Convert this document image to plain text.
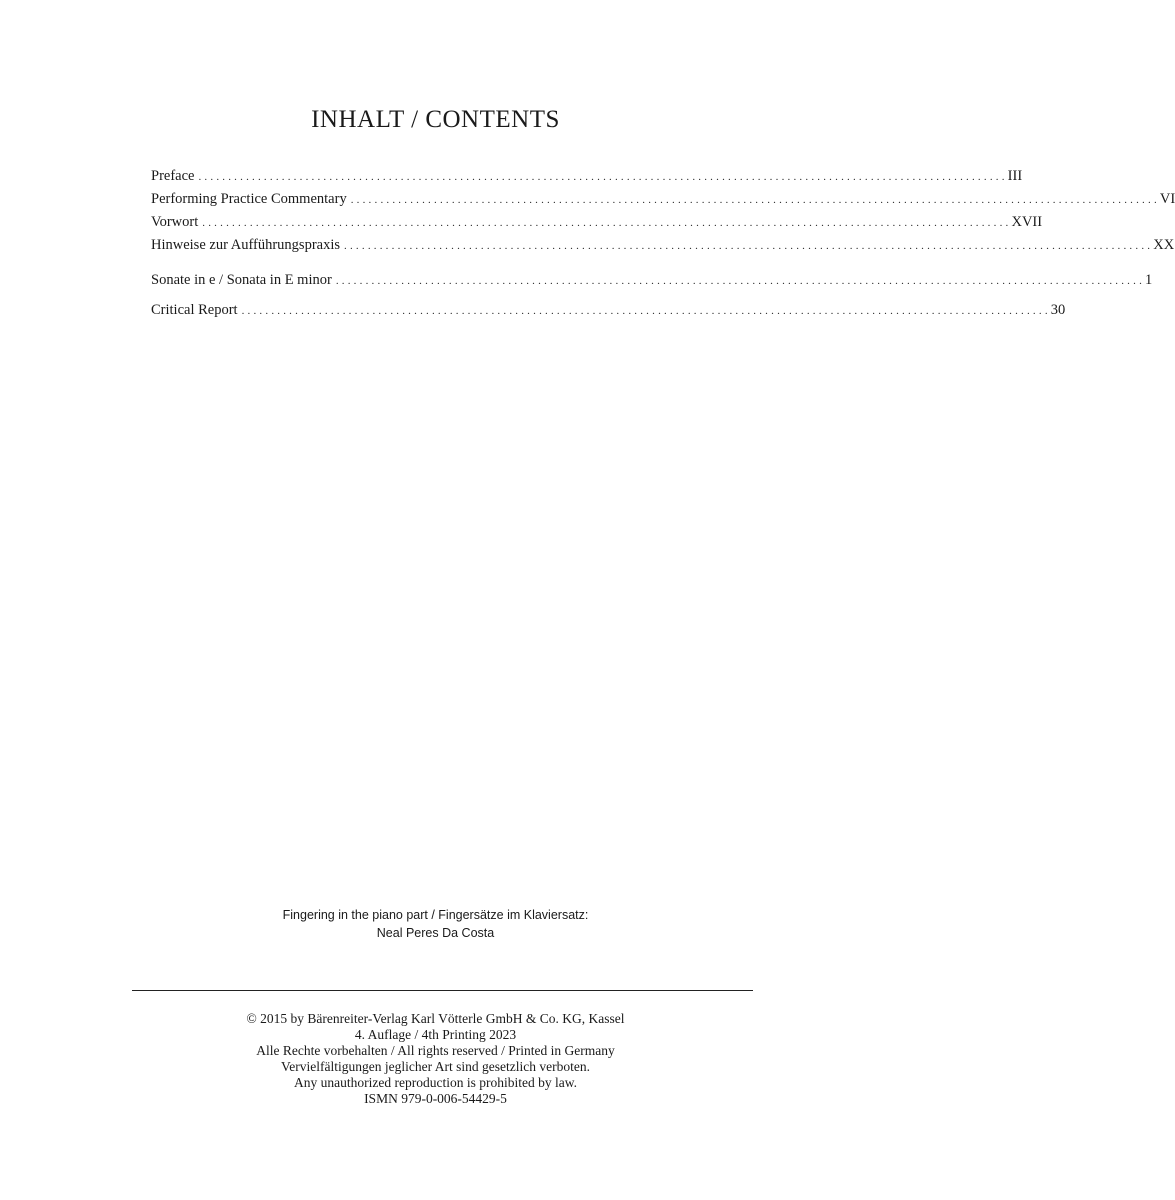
INHALT / CONTENTS
Preface ........................................................................................................................................ III
Performing Practice Commentary ........................................................................................................................................ VI
Vorwort ........................................................................................................................................ XVII
Hinweise zur Aufführungspraxis ........................................................................................................................................ XX
Sonate in e / Sonata in E minor ........................................................................................................................................ 1
Critical Report ........................................................................................................................................ 30
Fingering in the piano part / Fingersätze im Klaviersatz:
Neal Peres Da Costa
© 2015 by Bärenreiter-Verlag Karl Vötterle GmbH & Co. KG, Kassel
4. Auflage / 4th Printing 2023
Alle Rechte vorbehalten / All rights reserved / Printed in Germany
Vervielfältigungen jeglicher Art sind gesetzlich verboten.
Any unauthorized reproduction is prohibited by law.
ISMN 979-0-006-54429-5
